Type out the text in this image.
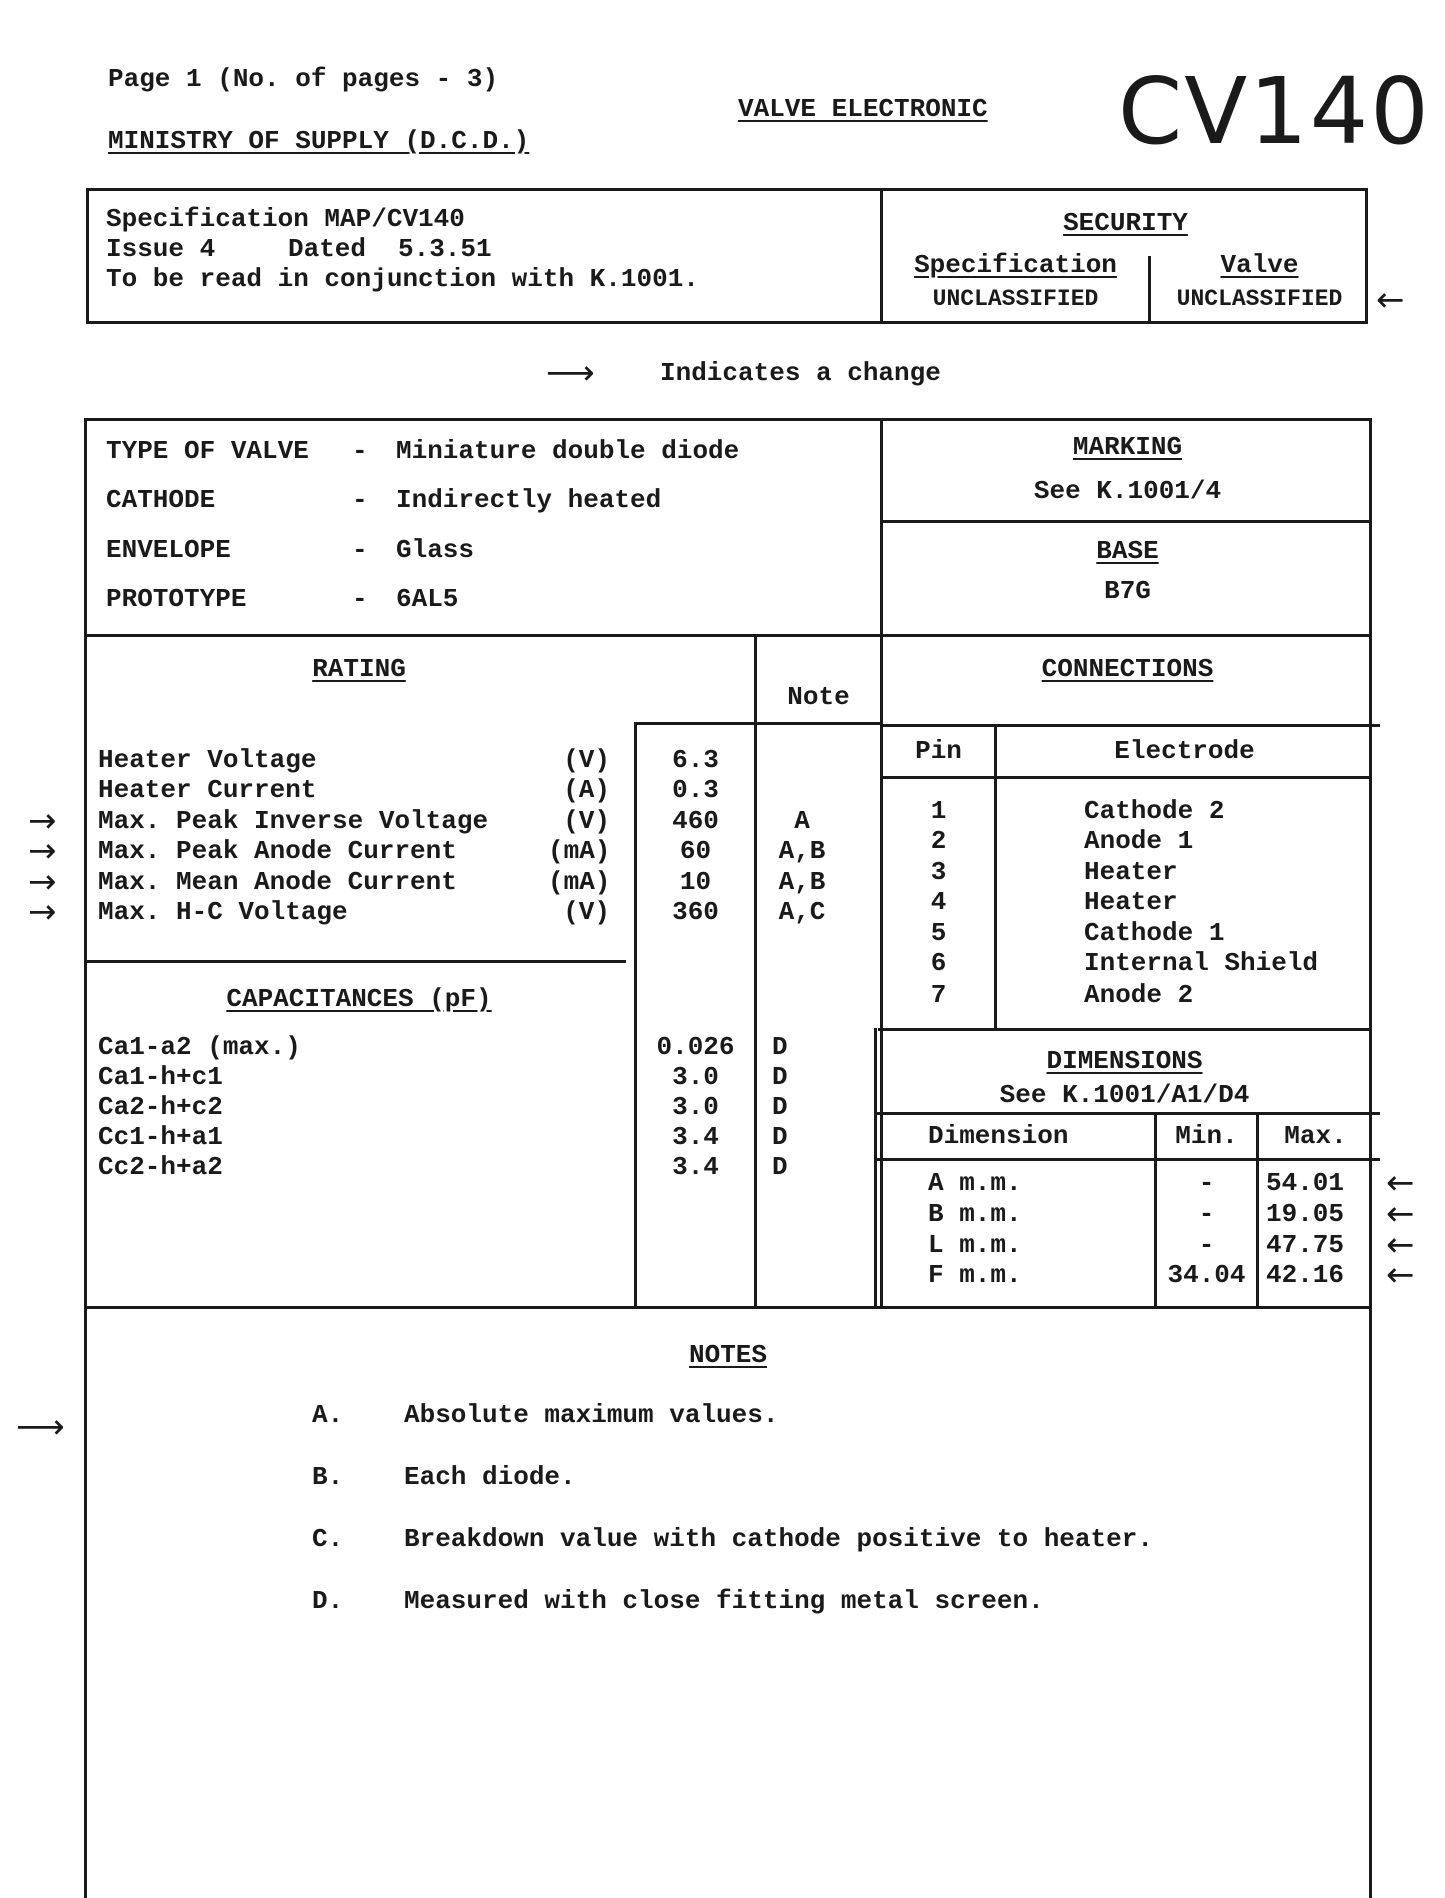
Page 1 (No. of pages - 3)
MINISTRY OF SUPPLY (D.C.D.)
VALVE ELECTRONIC CV140
Specification MAP/CV140
Issue 4	Dated 5.3.51
To be read in conjunction with K.1001.
SECURITY
Specification
UNCLASSIFIED
Valve
UNCLASSIFIED ←
⟶	Indicates a change
TYPE OF VALVE - Miniature double diode
CATHODE	- Indirectly heated
ENVELOPE	- Glass
PROTOTYPE	- 6AL5
MARKING
See K.1001/4
BASE
B7G
RATING
Note
Heater Voltage	(V)	6.3
Heater Current	(A)	0.3
Max. Peak Inverse Voltage	(V)	460	A
Max. Peak Anode Current	(mA)	60	A,B
Max. Mean Anode Current	(mA)	10	A,B
Max. H-C Voltage	(V)	360	A,C
→
→
→
→
CAPACITANCES (pF)
Ca1-a2 (max.)	0.026	D
Ca1-h+c1	3.0	D
Ca2-h+c2	3.0	D
Cc1-h+a1	3.4	D
Cc2-h+a2	3.4	D
CONNECTIONS
Pin	Electrode
1	Cathode 2
2	Anode 1
3	Heater
4	Heater
5	Cathode 1
6	Internal Shield
7	Anode 2
DIMENSIONS
See K.1001/A1/D4
Dimension	Min.	Max.
A m.m.	-	54.01
B m.m.	-	19.05
L m.m.	-	47.75
F m.m.	34.04 42.16
←
←
←
←
NOTES
A. Absolute maximum values.
B. Each diode.
C. Breakdown value with cathode positive to heater.
D. Measured with close fitting metal screen.
⟶
